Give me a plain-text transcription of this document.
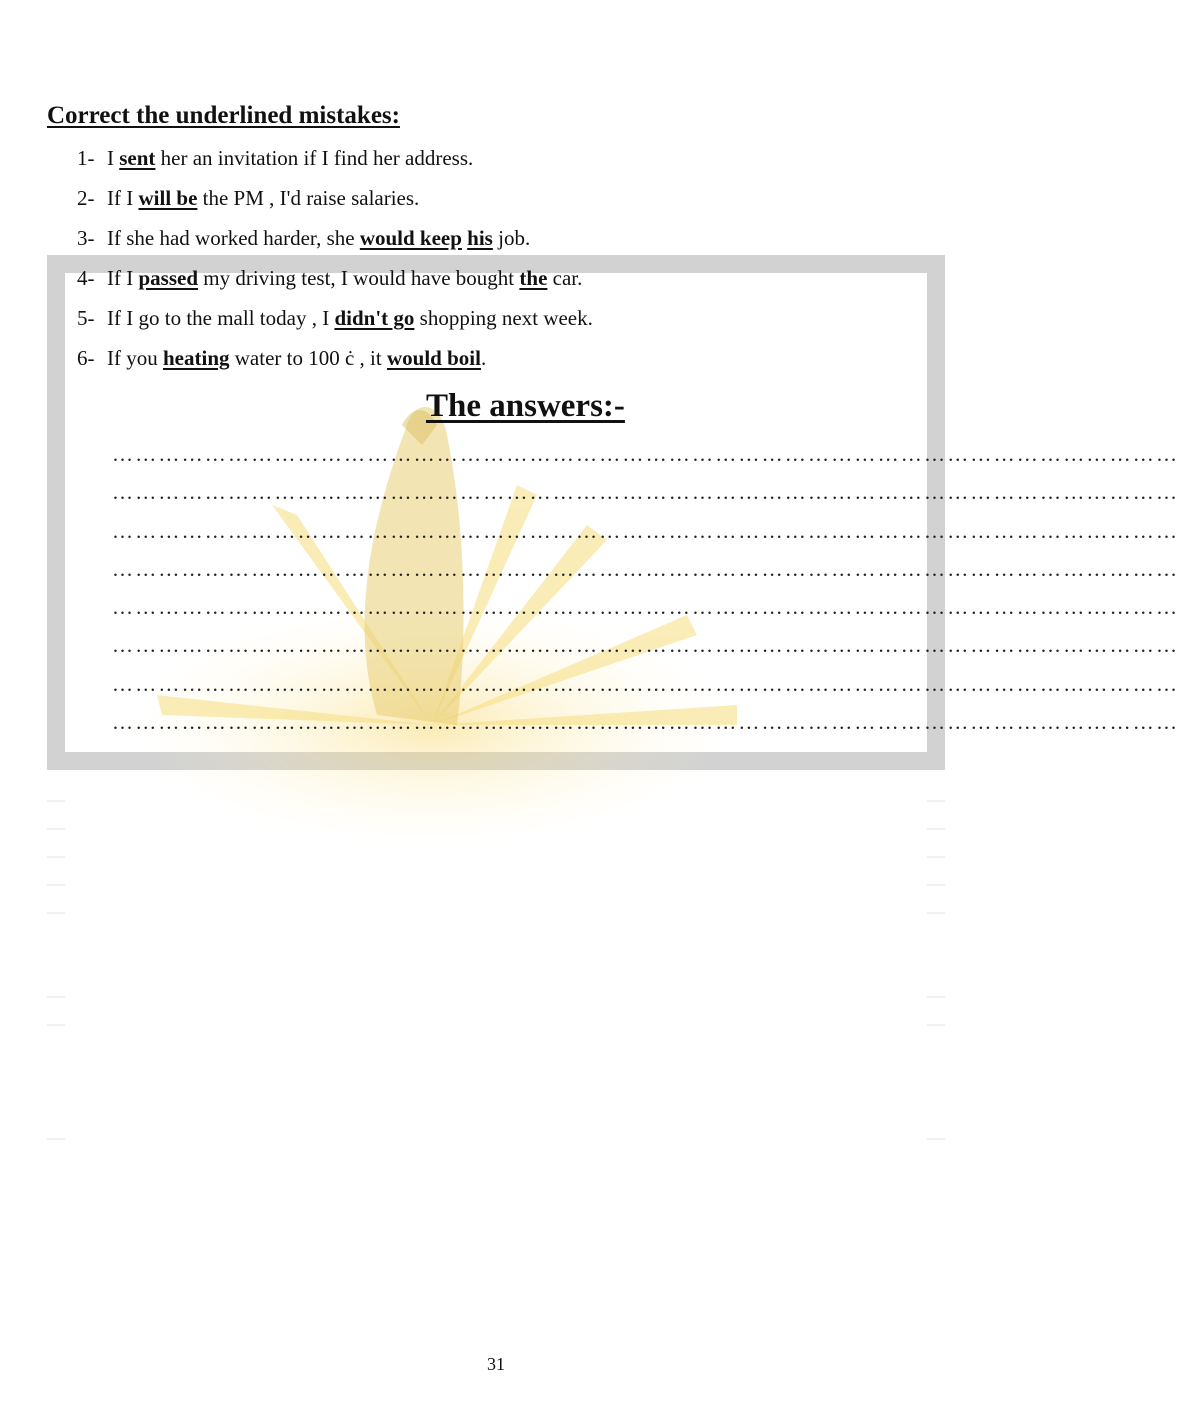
Correct the underlined mistakes:
1- I sent her an invitation if I find her address.
2- If I will be the PM , I'd raise salaries.
3- If she had worked harder, she would keep his job.
4- If I passed my driving test, I would have bought the car.
5- If I go to the mall today , I didn't go shopping next week.
6- If you heating water to 100 ċ , it would boil.
The answers:-
…………………………………………………………………………………………………………………………
…………………………………………………………………………………………………………………………
…………………………………………………………………………………………………………………………
…………………………………………………………………………………………………………………………
…………………………………………………………………………………………………………………………
…………………………………………………………………………………………………………………………
…………………………………………………………………………………………………………………………
…………………………………………………………………………………………………………………………
31
